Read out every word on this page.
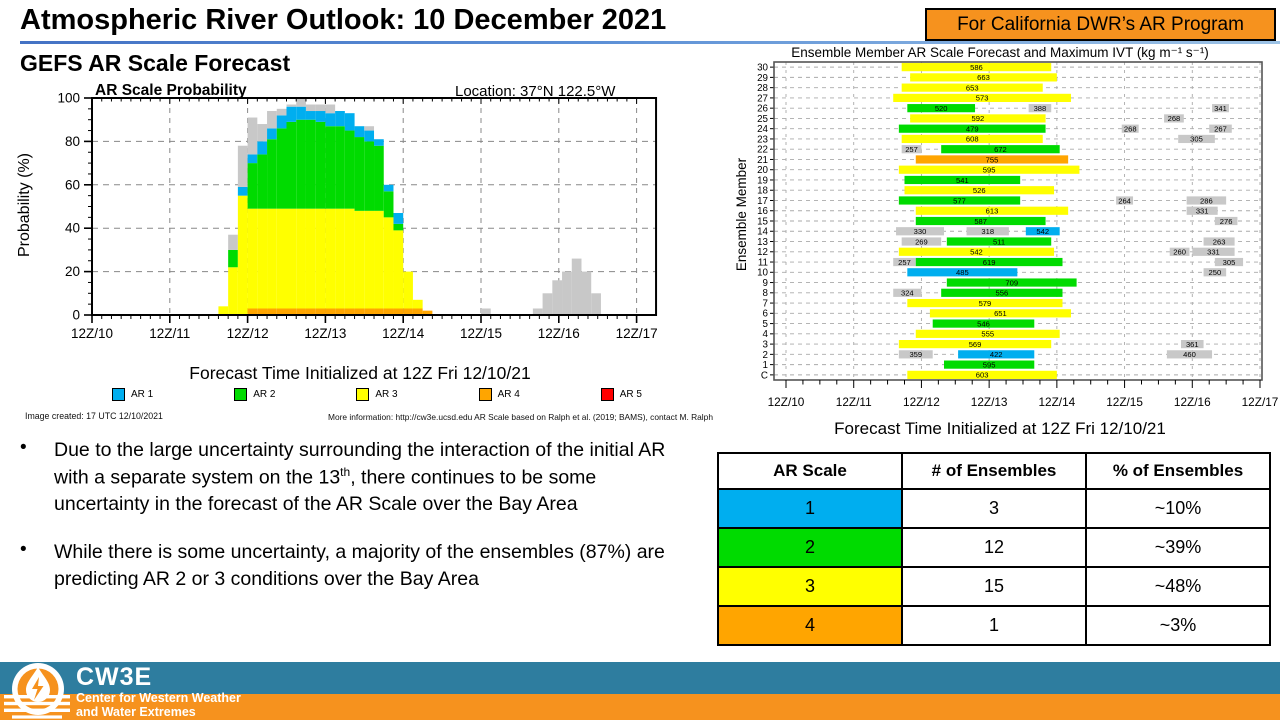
Atmospheric River Outlook: 10 December 2021	For California DWR’s AR Program
GEFS AR Scale Forecast
AR Scale Probability	Location: 37°N 122.5°W
Probability (%)
0
20
40
60
80
100
12Z/10	12Z/11	12Z/12	12Z/13	12Z/14	12Z/15	12Z/16	12Z/17
Forecast Time Initialized at 12Z Fri 12/10/21
AR 1	AR 2	AR 3	AR 4	AR 5
Image created: 17 UTC 12/10/2021	More information: http://cw3e.ucsd.edu AR Scale based on Ralph et al. (2019; BAMS), contact M. Ralph
Ensemble Member AR Scale Forecast and Maximum IVT (kg m⁻¹ s⁻¹)
Ensemble Member
30
29
28
27
26
25
24
23
22
21
20
19
18
17
16
15
14
13
12
11
10
9
8
7
6
5
4
3
2
1
C
586
663
653
573
520	388	341
592	268
479	268	267
608	305
257	672
755
595
541
526
577	264	286
613	331
587	276
330	318	542
269	511	263
542	260	331
257	619	305
485	250
709
324	556
579
651
546
555
569	361
359	422	460
595
603
12Z/10	12Z/11	12Z/12	12Z/13	12Z/14	12Z/15	12Z/16	12Z/17
Forecast Time Initialized at 12Z Fri 12/10/21
•	Due to the large uncertainty surrounding the interaction of the initial AR with a separate system on the 13th, there continues to be some uncertainty in the forecast of the AR Scale over the Bay Area
•	While there is some uncertainty, a majority of the ensembles (87%) are predicting AR 2 or 3 conditions over the Bay Area
AR Scale	# of Ensembles	% of Ensembles
1	3	~10%
2	12	~39%
3	15	~48%
4	1	~3%
CW3E
Center for Western Weather
and Water Extremes
